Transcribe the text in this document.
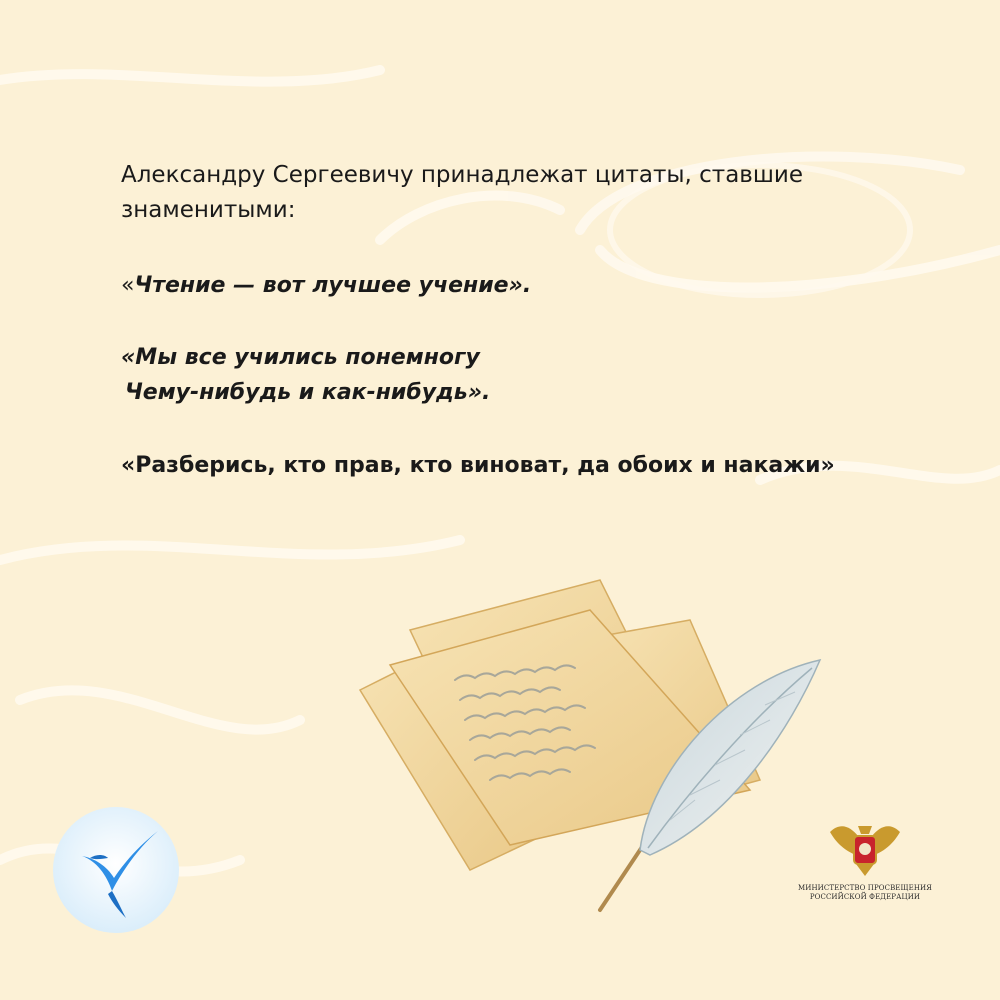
Александру Сергеевичу принадлежат цитаты, ставшие
знаменитыми:

«Чтение — вот лучшее учение».

«Мы все учились понемногу
Чему-нибудь и как-нибудь».

«Разберись, кто прав, кто виноват, да обоих и накажи»

МИНИСТЕРСТВО ПРОСВЕЩЕНИЯ
РОССИЙСКОЙ ФЕДЕРАЦИИ
